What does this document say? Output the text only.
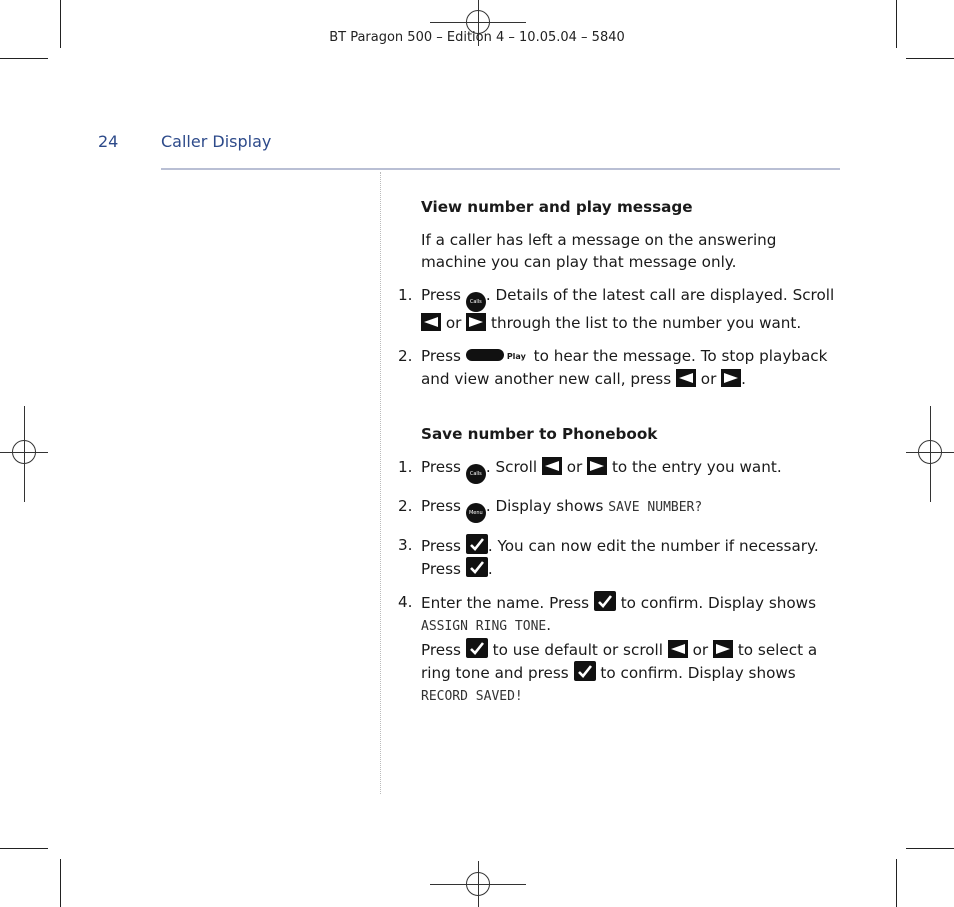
BT Paragon 500 – Edition 4 – 10.05.04 – 5840
24	Caller Display
View number and play message
If a caller has left a message on the answering machine you can play that message only.
1. Press Calls . Details of the latest call are displayed. Scroll
or
through the list to the number you want.
2. Press	Play to hear the message. To stop playback and view another new call, press
or
.
Save number to Phonebook
1. Press Calls . Scroll
or
to the entry you want.
2. Press Menu . Display shows SAVE NUMBER?
3. Press
. You can now edit the number if necessary.
Press
.
4. Enter the name. Press
to confirm. Display shows ASSIGN RING TONE.
Press
to use default or scroll
or
to select a ring tone and press
to confirm. Display shows RECORD SAVED!
